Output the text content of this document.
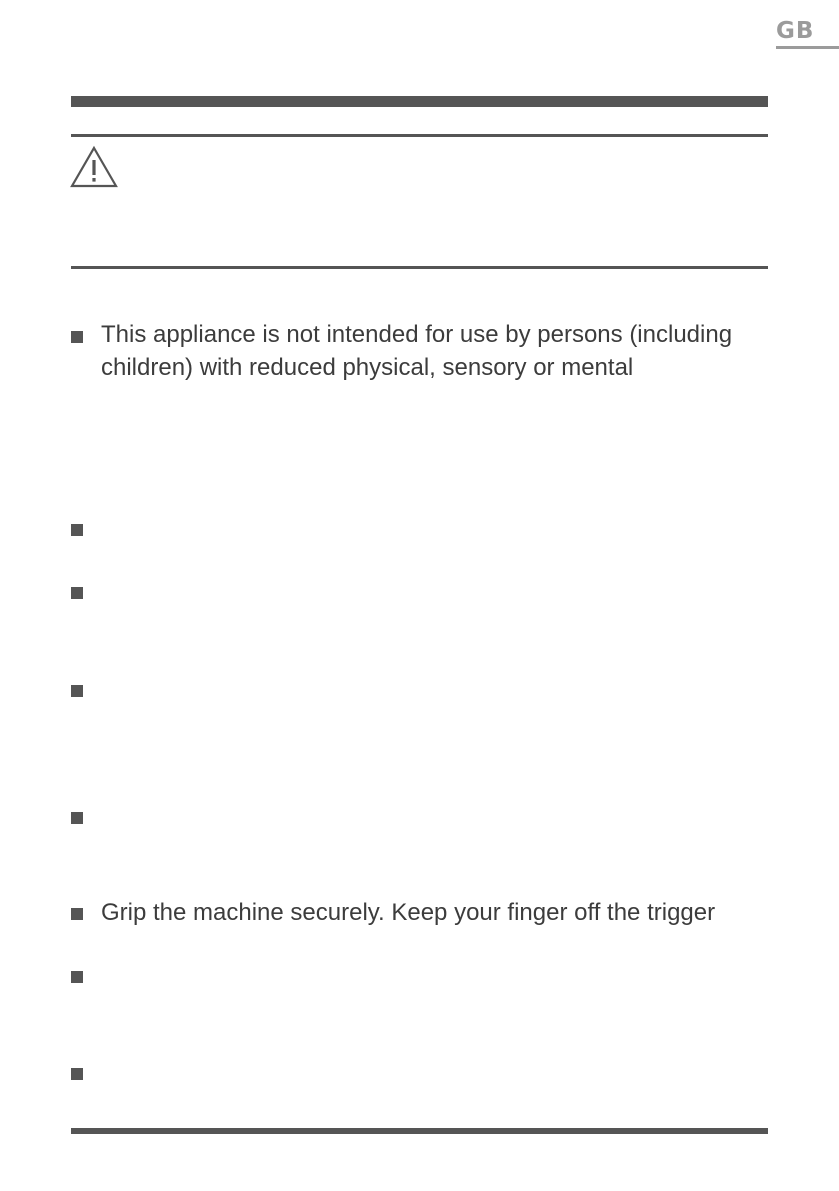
GB
This appliance is not intended for use by persons (including
children) with reduced physical, sensory or mental
Grip the machine securely. Keep your finger off the trigger
